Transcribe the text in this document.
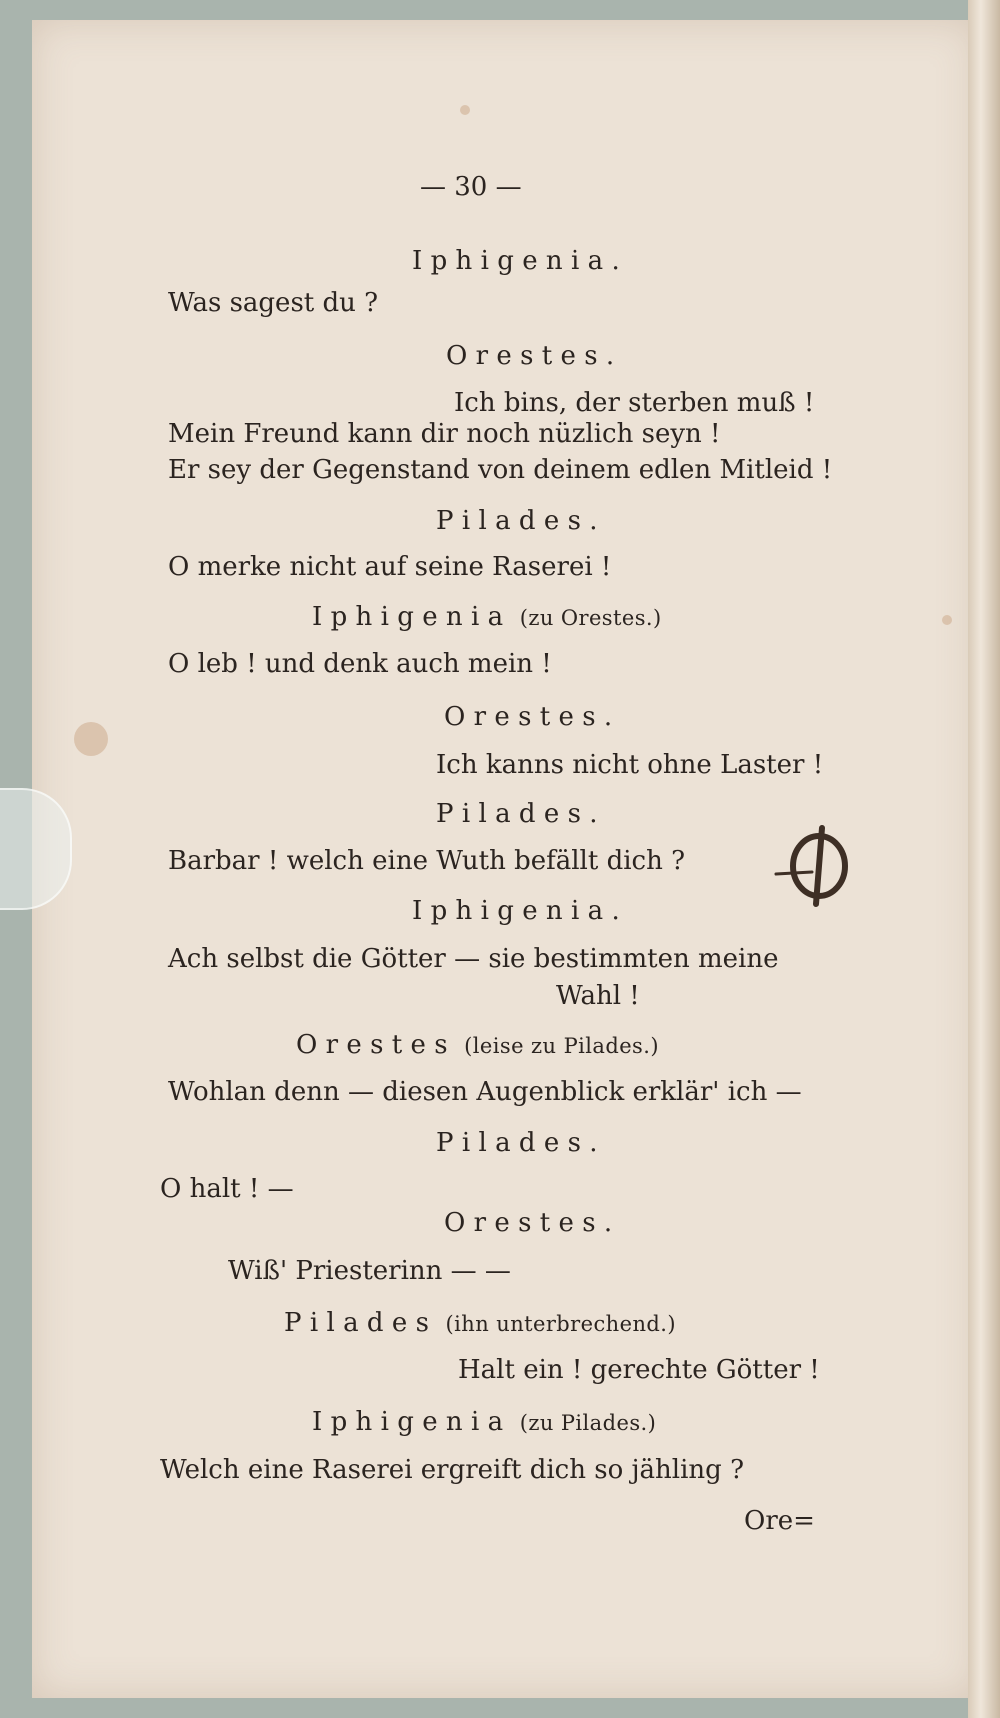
— 30 —
Iphigenia.
Was sagest du ?
Orestes.
Ich bins, der sterben muß !
Mein Freund kann dir noch nüzlich seyn !
Er sey der Gegenstand von deinem edlen Mitleid !
Pilades.
O merke nicht auf seine Raserei !
Iphigenia (zu Orestes.)
O leb ! und denk auch mein !
Orestes.
Ich kanns nicht ohne Laster !
Pilades.
Barbar ! welch eine Wuth befällt dich ?
Iphigenia.
Ach selbst die Götter — sie bestimmten meine
Wahl !
Orestes (leise zu Pilades.)
Wohlan denn — diesen Augenblick erklär' ich —
Pilades.
O halt ! —
Orestes.
Wiß' Priesterinn — —
Pilades (ihn unterbrechend.)
Halt ein ! gerechte Götter !
Iphigenia (zu Pilades.)
Welch eine Raserei ergreift dich so jähling ?
Ore=
